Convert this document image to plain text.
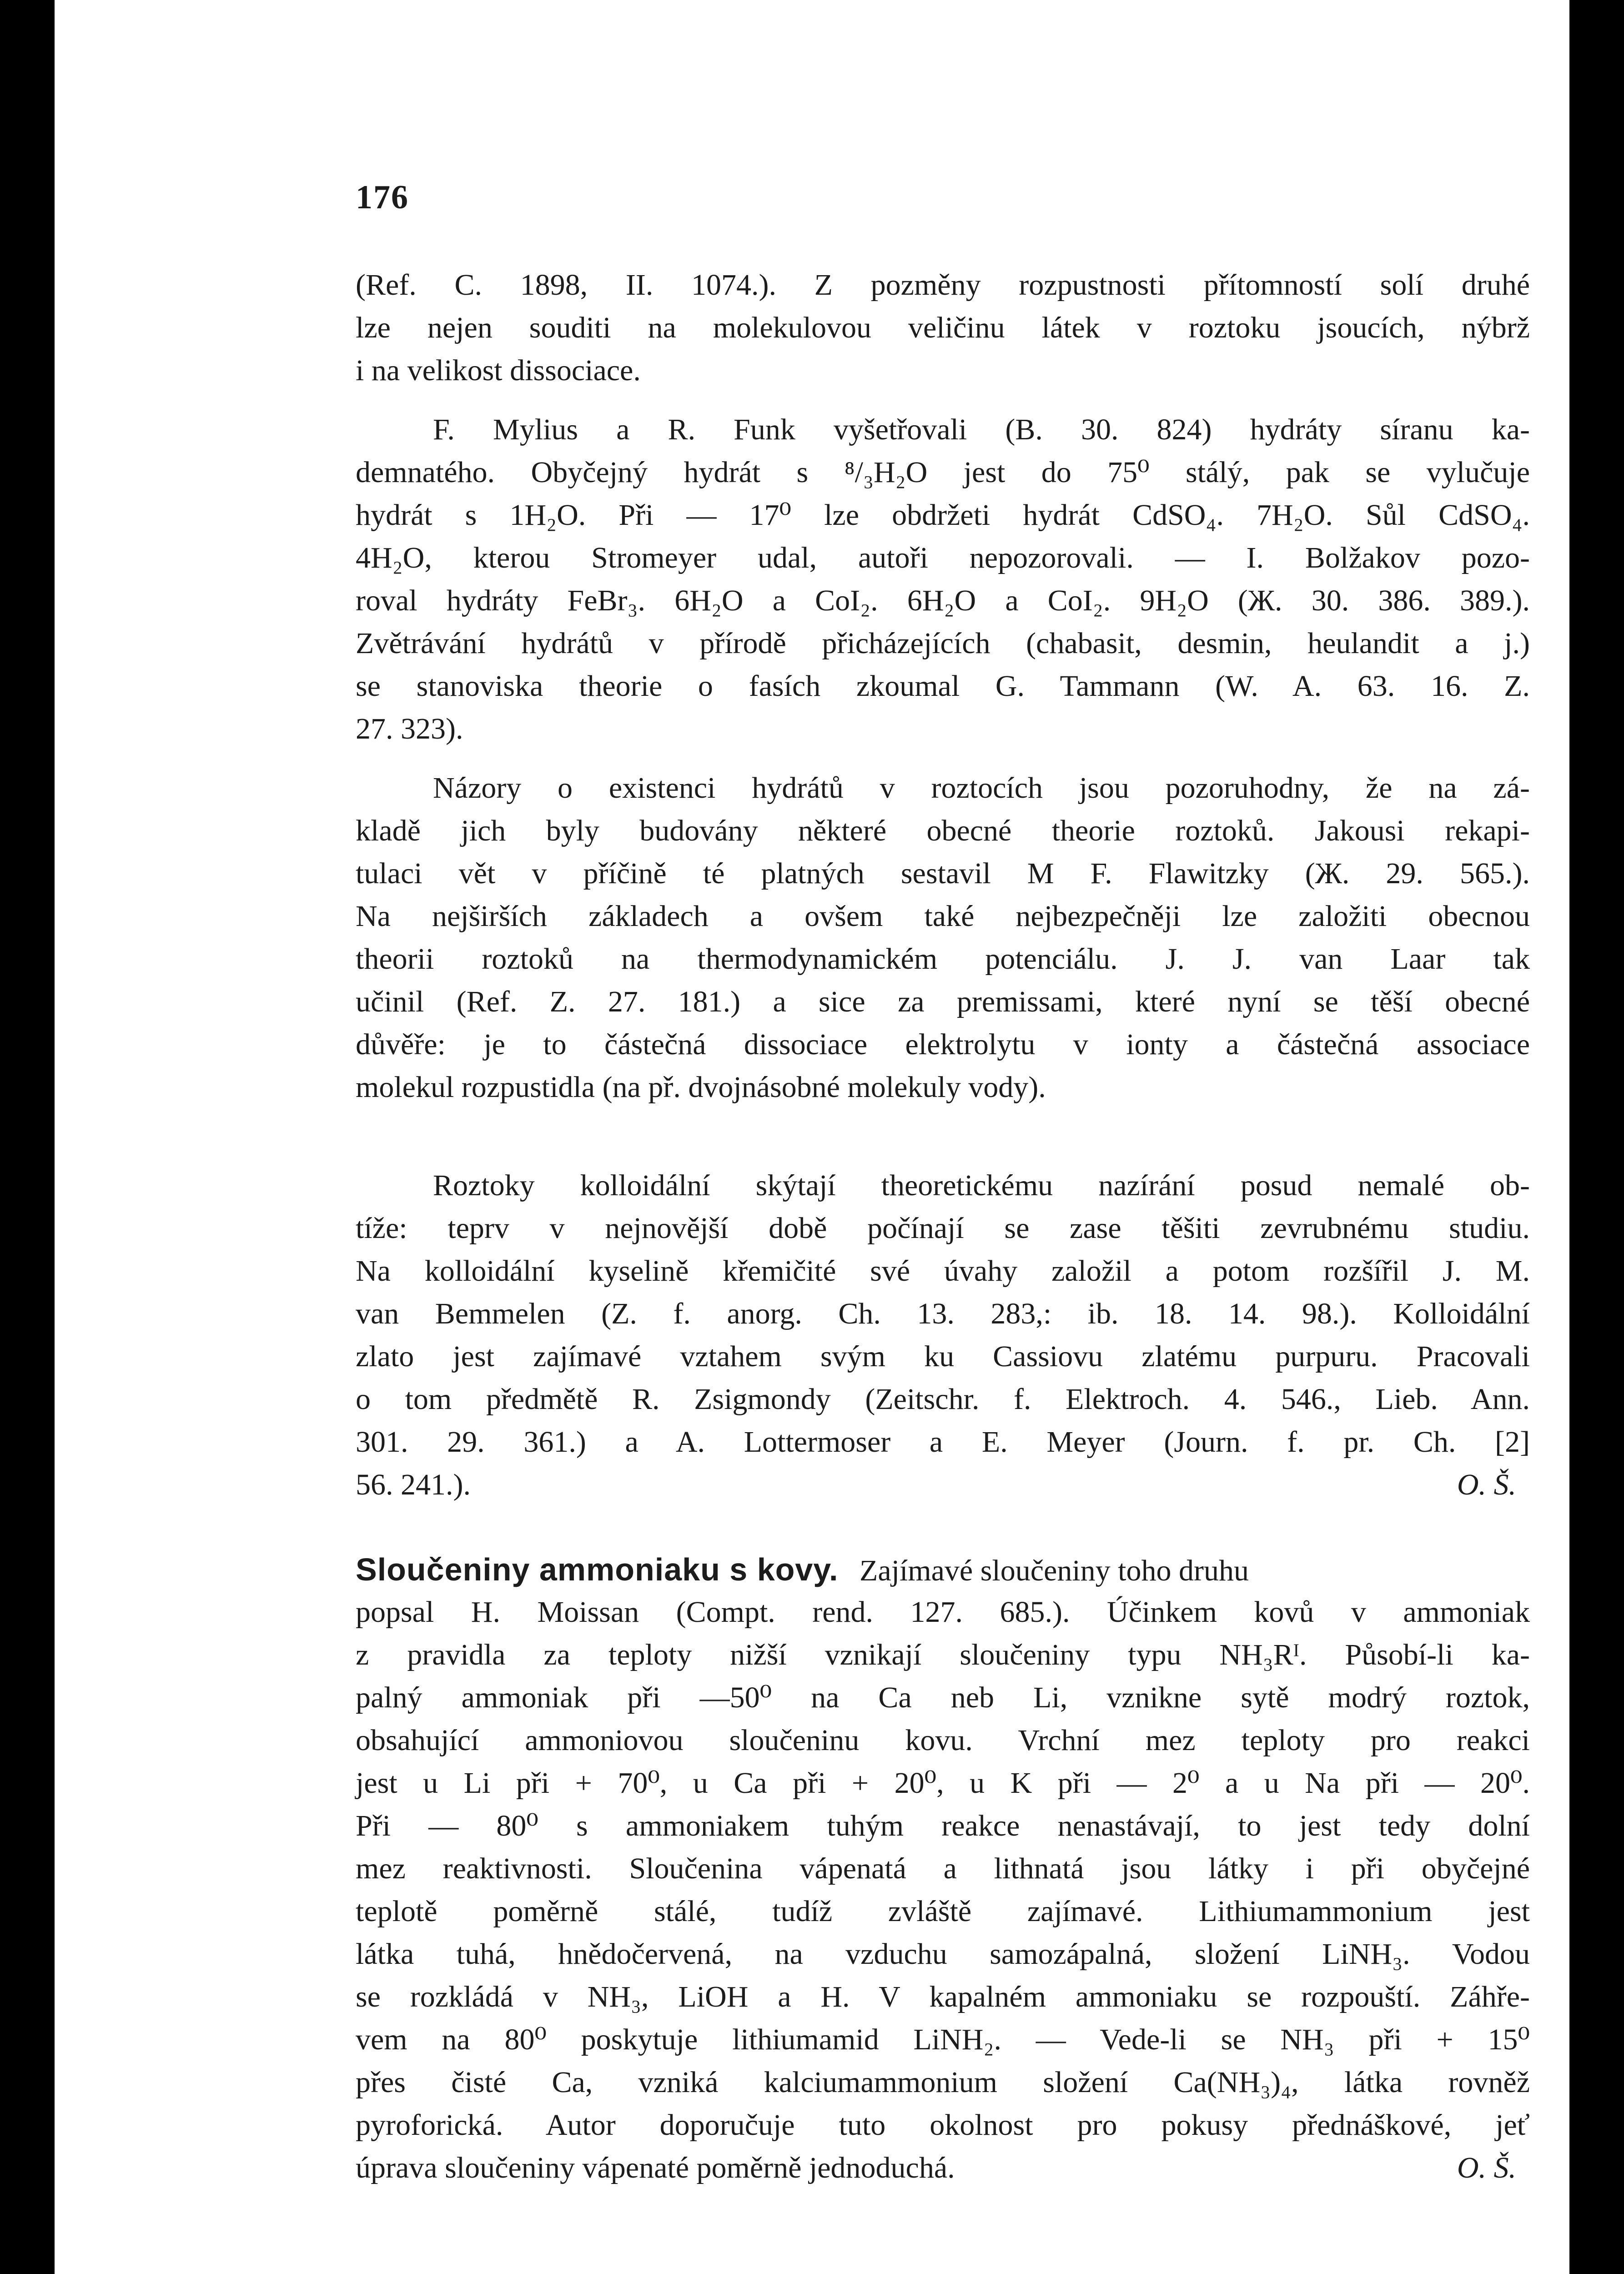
176
(Ref. C. 1898, II. 1074.). Z pozměny rozpustnosti přítomností solí druhé
lze nejen souditi na molekulovou veličinu látek v roztoku jsoucích, nýbrž
i na velikost dissociace.
F. Mylius a R. Funk vyšetřovali (B. 30. 824) hydráty síranu ka-
demnatého. Obyčejný hydrát s ⁸/₃H₂O jest do 75⁰ stálý, pak se vylučuje
hydrát s 1H₂O. Při — 17⁰ lze obdržeti hydrát CdSO₄. 7H₂O. Sůl CdSO₄.
4H₂O, kterou Stromeyer udal, autoři nepozorovali. — I. Bolžakov pozo-
roval hydráty FeBr₃. 6H₂O a CoI₂. 6H₂O a CoI₂. 9H₂O (Ж. 30. 386. 389.).
Zvětrávání hydrátů v přírodě přicházejících (chabasit, desmin, heulandit a j.)
se stanoviska theorie o fasích zkoumal G. Tammann (W. A. 63. 16. Z.
27. 323).
Názory o existenci hydrátů v roztocích jsou pozoruhodny, že na zá-
kladě jich byly budovány některé obecné theorie roztoků. Jakousi rekapi-
tulaci vět v příčině té platných sestavil M F. Flawitzky (Ж. 29. 565.).
Na nejširších základech a ovšem také nejbezpečněji lze založiti obecnou
theorii roztoků na thermodynamickém potenciálu. J. J. van Laar tak
učinil (Ref. Z. 27. 181.) a sice za premissami, které nyní se těší obecné
důvěře: je to částečná dissociace elektrolytu v ionty a částečná associace
molekul rozpustidla (na př. dvojnásobné molekuly vody).
Roztoky kolloidální skýtají theoretickému nazírání posud nemalé ob-
tíže: teprv v nejnovější době počínají se zase těšiti zevrubnému studiu.
Na kolloidální kyselině křemičité své úvahy založil a potom rozšířil J. M.
van Bemmelen (Z. f. anorg. Ch. 13. 283,: ib. 18. 14. 98.). Kolloidální
zlato jest zajímavé vztahem svým ku Cassiovu zlatému purpuru. Pracovali
o tom předmětě R. Zsigmondy (Zeitschr. f. Elektroch. 4. 546., Lieb. Ann.
301. 29. 361.) a A. Lottermoser a E. Meyer (Journ. f. pr. Ch. [2]
56. 241.).	O. Š.
Sloučeniny ammoniaku s kovy. Zajímavé sloučeniny toho druhu
popsal H. Moissan (Compt. rend. 127. 685.). Účinkem kovů v ammoniak
z pravidla za teploty nižší vznikají sloučeniny typu NH₃Rᴵ. Působí-li ka-
palný ammoniak při —50⁰ na Ca neb Li, vznikne sytě modrý roztok,
obsahující ammoniovou sloučeninu kovu. Vrchní mez teploty pro reakci
jest u Li při + 70⁰, u Ca při + 20⁰, u K při — 2⁰ a u Na při — 20⁰.
Při — 80⁰ s ammoniakem tuhým reakce nenastávají, to jest tedy dolní
mez reaktivnosti. Sloučenina vápenatá a lithnatá jsou látky i při obyčejné
teplotě poměrně stálé, tudíž zvláště zajímavé. Lithiumammonium jest
látka tuhá, hnědočervená, na vzduchu samozápalná, složení LiNH₃. Vodou
se rozkládá v NH₃, LiOH a H. V kapalném ammoniaku se rozpouští. Záhře-
vem na 80⁰ poskytuje lithiumamid LiNH₂. — Vede-li se NH₃ při + 15⁰
přes čisté Ca, vzniká kalciumammonium složení Ca(NH₃)₄, látka rovněž
pyroforická. Autor doporučuje tuto okolnost pro pokusy přednáškové, jeť
úprava sloučeniny vápenaté poměrně jednoduchá.	O. Š.
